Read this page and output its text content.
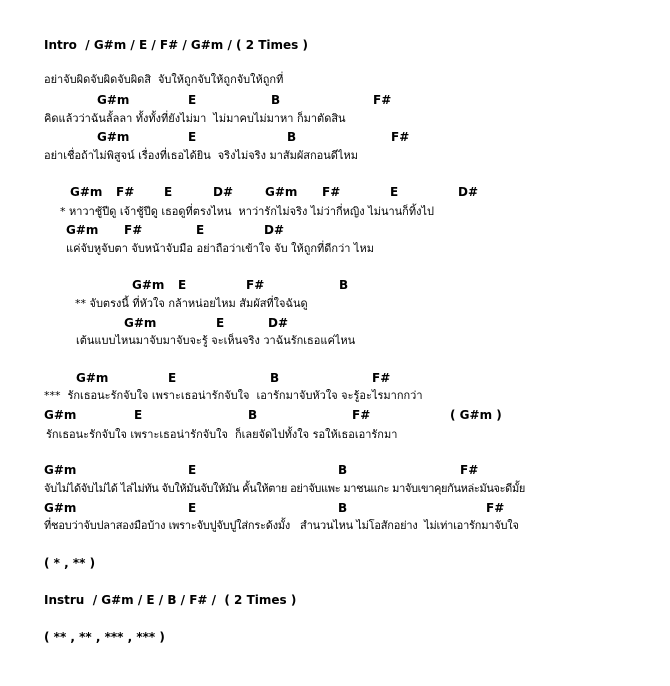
Intro  / G#m / E / F# / G#m / ( 2 Times )
อย่าจับผิดจับผิดจับผิดสิ  จับให้ถูกจับให้ถูกจับให้ถูกที่
G#m	E	B	F#
คิดแล้วว่าฉันลั้ลลา ทั้งทั้งที่ยังไม่มา  ไม่มาคบไม่มาหา ก็มาตัดสิน
G#m	E	B	F#
อย่าเชื่อถ้าไม่พิสูจน์ เรื่องที่เธอได้ยิน  จริงไม่จริง มาสัมผัสกอนดีไหม
G#m F# E	D#	G#m F#	E	D#
* หาวาชู้ปีดู เจ้าชู้ปีดู เธอดูที่ตรงไหน  หาว่ารักไม่จริง ไม่ว่ากี่หญิง ไม่นานก็ทิ้งไป
G#m F#	E	D#
แค่จับหูจับตา จับหน้าจับมือ อย่าถือว่าเข้าใจ จับ ให้ถูกที่ดีกว่า ไหม
G#m E	F#	B
** จับตรงนี้ ที่หัวใจ กล้าหน่อยไหม สัมผัสที่ใจฉันดู
G#m	E	D#
เต้นแบบไหนมาจับมาจับจะรู้ จะเห็นจริง วาฉันรักเธอแค่ไหน
G#m	E	B	F#
***  รักเธอนะรักจับใจ เพราะเธอน่ารักจับใจ  เอารักมาจับหัวใจ จะรู้อะไรมากกว่า
G#m	E	B	F#	( G#m )
รักเธอนะรักจับใจ เพราะเธอน่ารักจับใจ  ก็เลยจัดไปทั้งใจ รอให้เธอเอารักมา
G#m	E	B	F#
จับไม่ได้จับไม่ได้ ไล่ไม่ทัน จับให้มันจับให้มัน คั้นให้ตาย อย่าจับแพะ มาชนแกะ มาจับเขาคุยกันหล่ะมันจะดีมั้ย
G#m	E	B	F#
ที่ชอบว่าจับปลาสองมือบ้าง เพราะจับปูจับปูใส่กระด้งมั้ง   สำนวนไหน ไม่โอสักอย่าง  ไม่เท่าเอารักมาจับใจ
( * , ** )
Instru  / G#m / E / B / F# /  ( 2 Times )
( ** , ** , *** , *** )
